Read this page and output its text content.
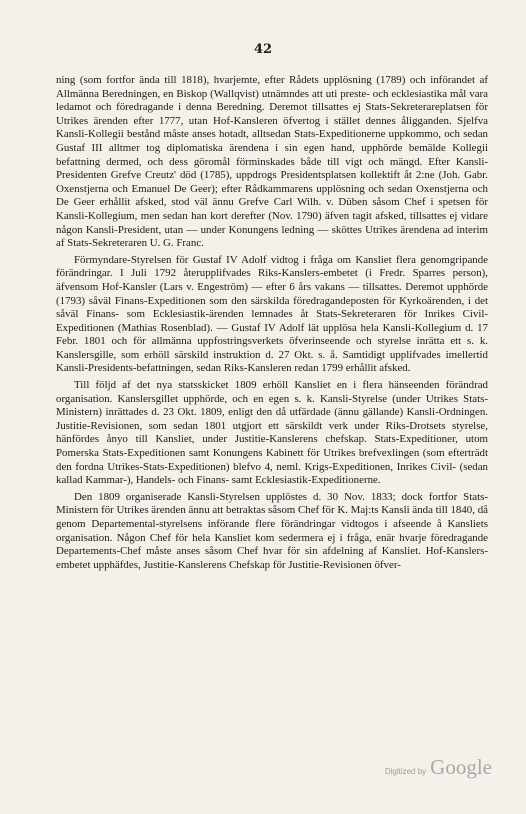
42

ning (som fortfor ända till 1818), hvarjemte, efter Rådets upplösning (1789) och införandet af Allmänna Beredningen, en Biskop (Wallqvist) utnämndes att uti preste- och ecklesiastika mål vara ledamot och föredragande i denna Beredning. Deremot tillsattes ej Stats-Sekreterareplatsen för Utrikes ärenden efter 1777, utan Hof-Kansleren öfvertog i stället dennes åligganden. Sjelfva Kansli-Kollegii bestånd måste anses hotadt, alltsedan Stats-Expeditionerne uppkommo, och sedan Gustaf III alltmer tog diplomatiska ärendena i sin egen hand, upphörde bemälde Kollegii befattning dermed, och dess göromål förminskades både till vigt och mängd. Efter Kansli-Presidenten Grefve Creutz' död (1785), uppdrogs Presidentsplatsen kollektift åt 2:ne (Joh. Gabr. Oxenstjerna och Emanuel De Geer); efter Rådkammarens upplösning och sedan Oxenstjerna och De Geer erhållit afsked, stod väl ännu Grefve Carl Wilh. v. Düben såsom Chef i spetsen för Kansli-Kollegium, men sedan han kort derefter (Nov. 1790) äfven tagit afsked, tillsattes ej vidare någon Kansli-President, utan — under Konungens ledning — sköttes Utrikes ärendena ad interim af Stats-Sekreteraren U. G. Franc.

Förmyndare-Styrelsen för Gustaf IV Adolf vidtog i fråga om Kansliet flera genomgripande förändringar. I Juli 1792 återupplifvades Riks-Kanslers-embetet (i Fredr. Sparres person), äfvensom Hof-Kansler (Lars v. Engeström) — efter 6 års vakans — tillsattes. Deremot upphörde (1793) såväl Finans-Expeditionen som den särskilda föredragandeposten för Kyrkoärenden, i det såväl Finans- som Ecklesiastik-ärenden lemnades åt Stats-Sekreteraren för Inrikes Civil-Expeditionen (Mathias Rosenblad). — Gustaf IV Adolf lät upplösa hela Kansli-Kollegium d. 17 Febr. 1801 och för allmänna uppfostringsverkets öfverinseende och styrelse inrätta ett s. k. Kanslersgille, som erhöll särskild instruktion d. 27 Okt. s. å. Samtidigt upplifvades imellertid Kansli-Presidents-befattningen, sedan Riks-Kansleren redan 1799 erhållit afsked.

Till följd af det nya statsskicket 1809 erhöll Kansliet en i flera hänseenden förändrad organisation. Kanslersgillet upphörde, och en egen s. k. Kansli-Styrelse (under Utrikes Stats-Ministern) inrättades d. 23 Okt. 1809, enligt den då utfärdade (ännu gällande) Kansli-Ordningen. Justitie-Revisionen, som sedan 1801 utgjort ett särskildt verk under Riks-Drotsets styrelse, hänfördes ånyo till Kansliet, under Justitie-Kanslerens chefskap. Stats-Expeditioner, utom Pomerska Stats-Expeditionen samt Konungens Kabinett för Utrikes brefvexlingen (som efterträdt den fordna Utrikes-Stats-Expeditionen) blefvo 4, neml. Krigs-Expeditionen, Inrikes Civil- (sedan kallad Kammar-), Handels- och Finans- samt Ecklesiastik-Expeditionerne.

Den 1809 organiserade Kansli-Styrelsen upplöstes d. 30 Nov. 1833; dock fortfor Stats-Ministern för Utrikes ärenden ännu att betraktas såsom Chef för K. Maj:ts Kansli ända till 1840, då genom Departemental-styrelsens införande flere förändringar vidtogos i afseende å Kansliets organisation. Någon Chef för hela Kansliet kom sedermera ej i fråga, enär hvarje föredragande Departements-Chef måste anses såsom Chef hvar för sin afdelning af Kansliet. Hof-Kanslers-embetet upphäfdes, Justitie-Kanslerens Chefskap för Justitie-Revisionen öfver-

Digitized by Google
